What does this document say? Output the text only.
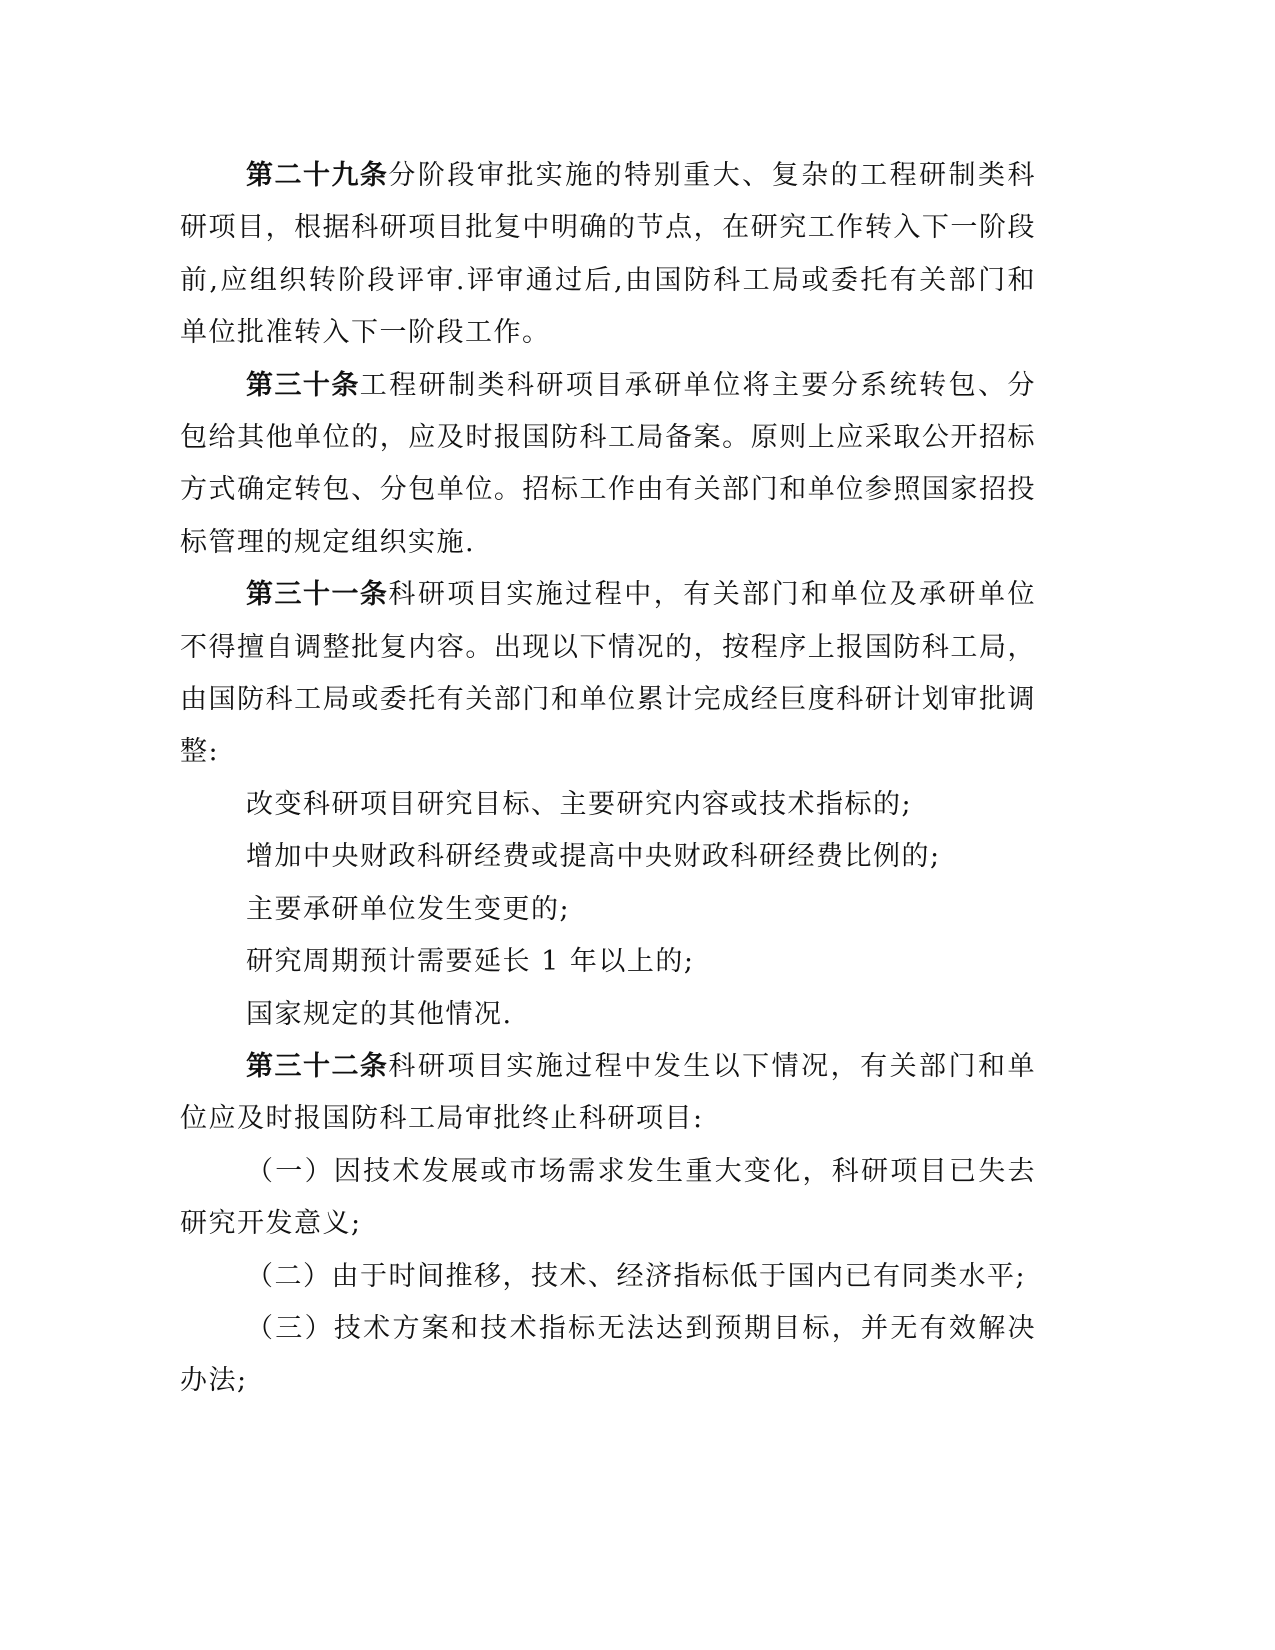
第二十九条分阶段审批实施的特别重大、复杂的工程研制类科研项目，根据科研项目批复中明确的节点，在研究工作转入下一阶段前,应组织转阶段评审.评审通过后,由国防科工局或委托有关部门和单位批准转入下一阶段工作。

第三十条工程研制类科研项目承研单位将主要分系统转包、分包给其他单位的，应及时报国防科工局备案。原则上应采取公开招标方式确定转包、分包单位。招标工作由有关部门和单位参照国家招投标管理的规定组织实施.

第三十一条科研项目实施过程中，有关部门和单位及承研单位不得擅自调整批复内容。出现以下情况的，按程序上报国防科工局，由国防科工局或委托有关部门和单位累计完成经巨度科研计划审批调整:

改变科研项目研究目标、主要研究内容或技术指标的;

增加中央财政科研经费或提高中央财政科研经费比例的;

主要承研单位发生变更的;

研究周期预计需要延长 1 年以上的;

国家规定的其他情况.

第三十二条科研项目实施过程中发生以下情况，有关部门和单位应及时报国防科工局审批终止科研项目:

（一）因技术发展或市场需求发生重大变化，科研项目已失去研究开发意义;

（二）由于时间推移，技术、经济指标低于国内已有同类水平;

（三）技术方案和技术指标无法达到预期目标，并无有效解决办法;
